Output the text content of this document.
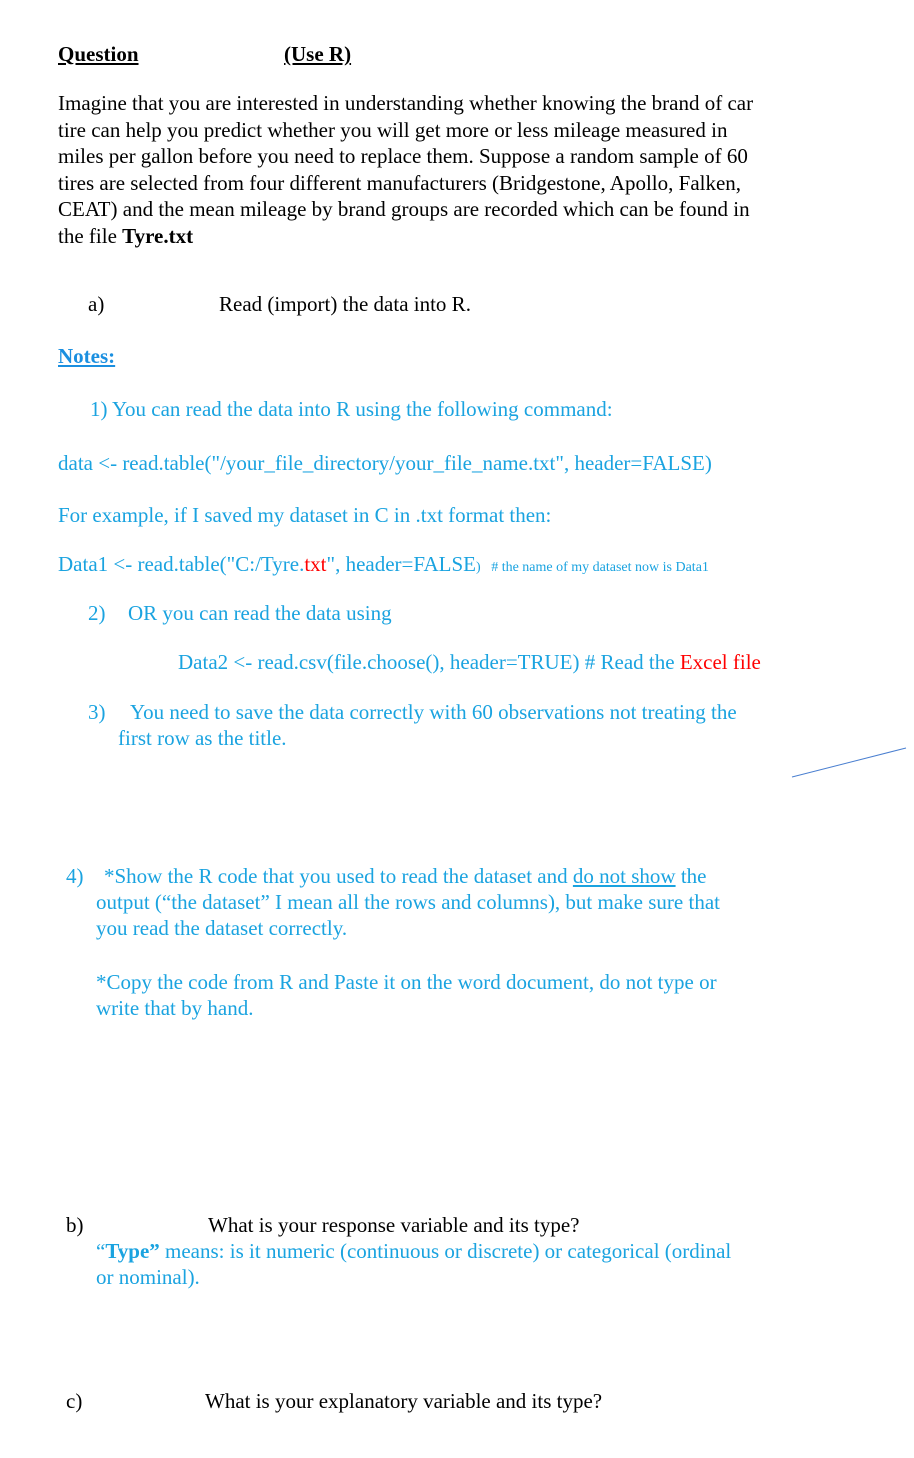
Question	(Use R)
Imagine that you are interested in understanding whether knowing the brand of car
tire can help you predict whether you will get more or less mileage measured in
miles per gallon before you need to replace them. Suppose a random sample of 60
tires are selected from four different manufacturers (Bridgestone, Apollo, Falken,
CEAT) and the mean mileage by brand groups are recorded which can be found in
the file Tyre.txt
a)	Read (import) the data into R.
Notes:
1) You can read the data into R using the following command:
data <- read.table("/your_file_directory/your_file_name.txt", header=FALSE)
For example, if I saved my dataset in C in .txt format then:
Data1 <- read.table("C:/Tyre.txt", header=FALSE) # the name of my dataset now is Data1
2) OR you can read the data using
Data2 <- read.csv(file.choose(), header=TRUE) # Read the Excel file
3) You need to save the data correctly with 60 observations not treating the
first row as the title.
4) *Show the R code that you used to read the dataset and do not show the
output (“the dataset” I mean all the rows and columns), but make sure that
you read the dataset correctly.
*Copy the code from R and Paste it on the word document, do not type or
write that by hand.
b)	What is your response variable and its type?
“Type” means: is it numeric (continuous or discrete) or categorical (ordinal
or nominal).
c)	What is your explanatory variable and its type?
